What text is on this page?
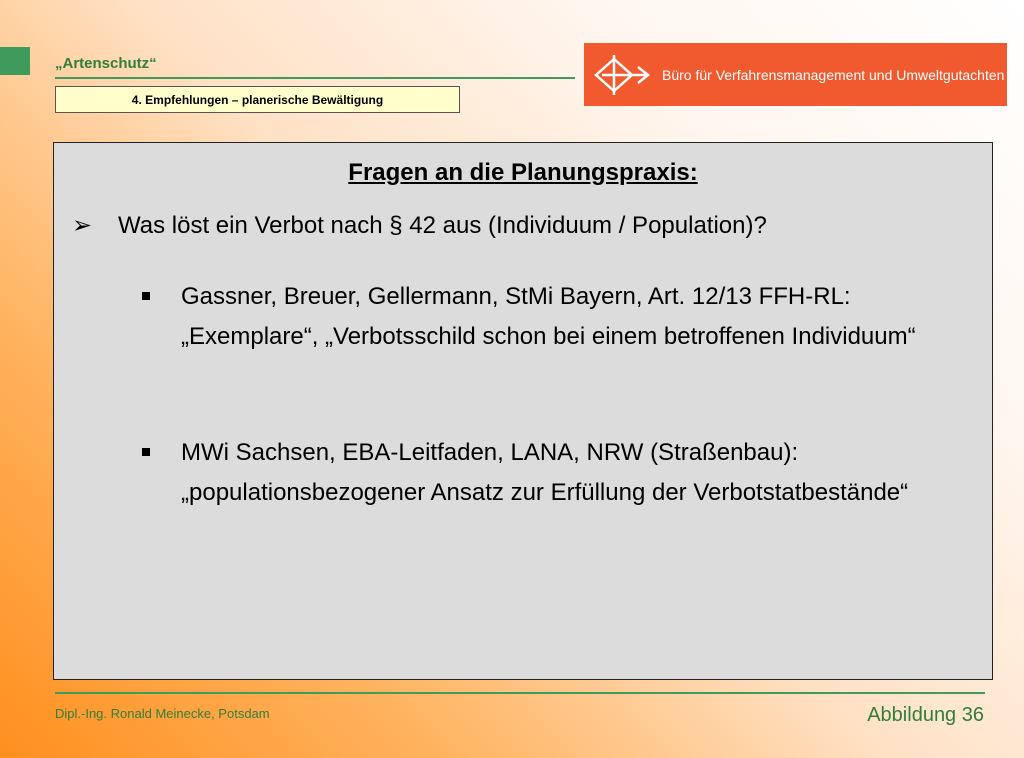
„Artenschutz“
4. Empfehlungen – planerische Bewältigung
Büro für Verfahrensmanagement und Umweltgutachten
Fragen an die Planungspraxis:
➢ Was löst ein Verbot nach § 42 aus (Individuum / Population)?
Gassner, Breuer, Gellermann, StMi Bayern, Art. 12/13 FFH-RL: „Exemplare“, „Verbotsschild schon bei einem betroffenen Individuum“
MWi Sachsen, EBA-Leitfaden, LANA, NRW (Straßenbau): „populationsbezogener Ansatz zur Erfüllung der Verbotstatbestände“
Dipl.-Ing. Ronald Meinecke, Potsdam	Abbildung 36
